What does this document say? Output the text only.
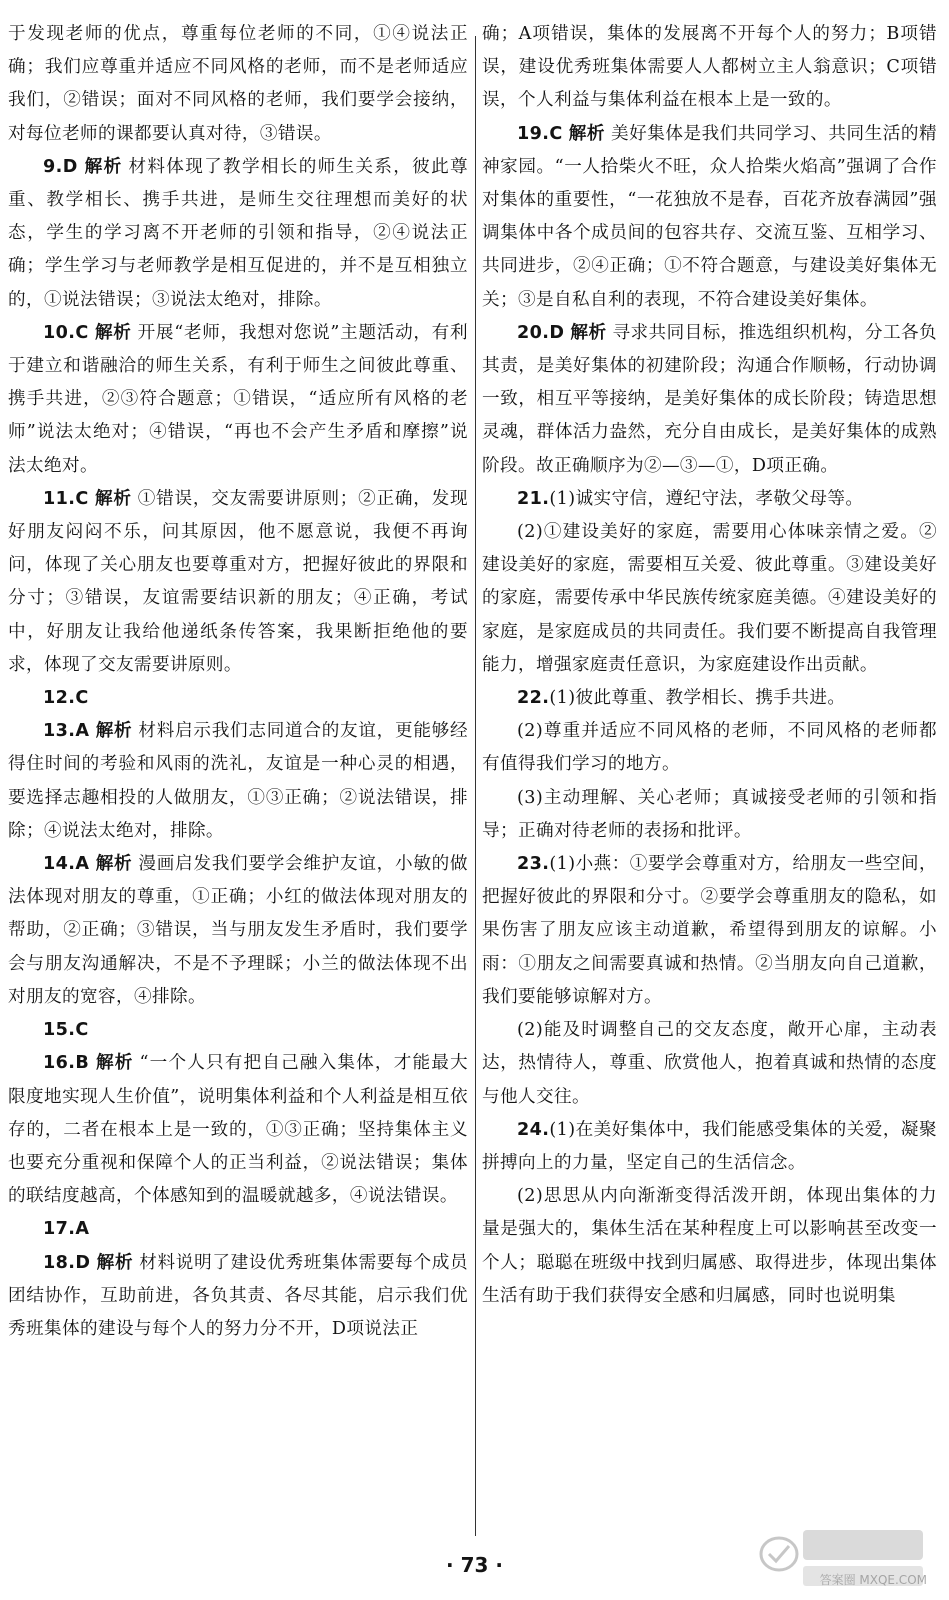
于发现老师的优点，尊重每位老师的不同，①④说法正确；我们应尊重并适应不同风格的老师，而不是老师适应我们，②错误；面对不同风格的老师，我们要学会接纳，对每位老师的课都要认真对待，③错误。

9.D 解析 材料体现了教学相长的师生关系，彼此尊重、教学相长、携手共进，是师生交往理想而美好的状态，学生的学习离不开老师的引领和指导，②④说法正确；学生学习与老师教学是相互促进的，并不是互相独立的，①说法错误；③说法太绝对，排除。

10.C 解析 开展“老师，我想对您说”主题活动，有利于建立和谐融洽的师生关系，有利于师生之间彼此尊重、携手共进，②③符合题意；①错误，“适应所有风格的老师”说法太绝对；④错误，“再也不会产生矛盾和摩擦”说法太绝对。

11.C 解析 ①错误，交友需要讲原则；②正确，发现好朋友闷闷不乐，问其原因，他不愿意说，我便不再询问，体现了关心朋友也要尊重对方，把握好彼此的界限和分寸；③错误，友谊需要结识新的朋友；④正确，考试中，好朋友让我给他递纸条传答案，我果断拒绝他的要求，体现了交友需要讲原则。

12.C

13.A 解析 材料启示我们志同道合的友谊，更能够经得住时间的考验和风雨的洗礼，友谊是一种心灵的相遇，要选择志趣相投的人做朋友，①③正确；②说法错误，排除；④说法太绝对，排除。

14.A 解析 漫画启发我们要学会维护友谊，小敏的做法体现对朋友的尊重，①正确；小红的做法体现对朋友的帮助，②正确；③错误，当与朋友发生矛盾时，我们要学会与朋友沟通解决，不是不予理睬；小兰的做法体现不出对朋友的宽容，④排除。

15.C

16.B 解析 “一个人只有把自己融入集体，才能最大限度地实现人生价值”，说明集体利益和个人利益是相互依存的，二者在根本上是一致的，①③正确；坚持集体主义也要充分重视和保障个人的正当利益，②说法错误；集体的联结度越高，个体感知到的温暖就越多，④说法错误。

17.A

18.D 解析 材料说明了建设优秀班集体需要每个成员团结协作，互助前进，各负其责、各尽其能，启示我们优秀班集体的建设与每个人的努力分不开，D项说法正

确；A项错误，集体的发展离不开每个人的努力；B项错误，建设优秀班集体需要人人都树立主人翁意识；C项错误，个人利益与集体利益在根本上是一致的。

19.C 解析 美好集体是我们共同学习、共同生活的精神家园。“一人拾柴火不旺，众人拾柴火焰高”强调了合作对集体的重要性，“一花独放不是春，百花齐放春满园”强调集体中各个成员间的包容共存、交流互鉴、互相学习、共同进步，②④正确；①不符合题意，与建设美好集体无关；③是自私自利的表现，不符合建设美好集体。

20.D 解析 寻求共同目标，推选组织机构，分工各负其责，是美好集体的初建阶段；沟通合作顺畅，行动协调一致，相互平等接纳，是美好集体的成长阶段；铸造思想灵魂，群体活力盎然，充分自由成长，是美好集体的成熟阶段。故正确顺序为②—③—①，D项正确。

21.(1)诚实守信，遵纪守法，孝敬父母等。

(2)①建设美好的家庭，需要用心体味亲情之爱。②建设美好的家庭，需要相互关爱、彼此尊重。③建设美好的家庭，需要传承中华民族传统家庭美德。④建设美好的家庭，是家庭成员的共同责任。我们要不断提高自我管理能力，增强家庭责任意识，为家庭建设作出贡献。

22.(1)彼此尊重、教学相长、携手共进。

(2)尊重并适应不同风格的老师，不同风格的老师都有值得我们学习的地方。

(3)主动理解、关心老师；真诚接受老师的引领和指导；正确对待老师的表扬和批评。

23.(1)小燕：①要学会尊重对方，给朋友一些空间，把握好彼此的界限和分寸。②要学会尊重朋友的隐私，如果伤害了朋友应该主动道歉，希望得到朋友的谅解。小雨：①朋友之间需要真诚和热情。②当朋友向自己道歉，我们要能够谅解对方。

(2)能及时调整自己的交友态度，敞开心扉，主动表达，热情待人，尊重、欣赏他人，抱着真诚和热情的态度与他人交往。

24.(1)在美好集体中，我们能感受集体的关爱，凝聚拼搏向上的力量，坚定自己的生活信念。

(2)思思从内向渐渐变得活泼开朗，体现出集体的力量是强大的，集体生活在某种程度上可以影响甚至改变一个人；聪聪在班级中找到归属感、取得进步，体现出集体生活有助于我们获得安全感和归属感，同时也说明集

· 73 ·
答案圈 MXQE.COM
